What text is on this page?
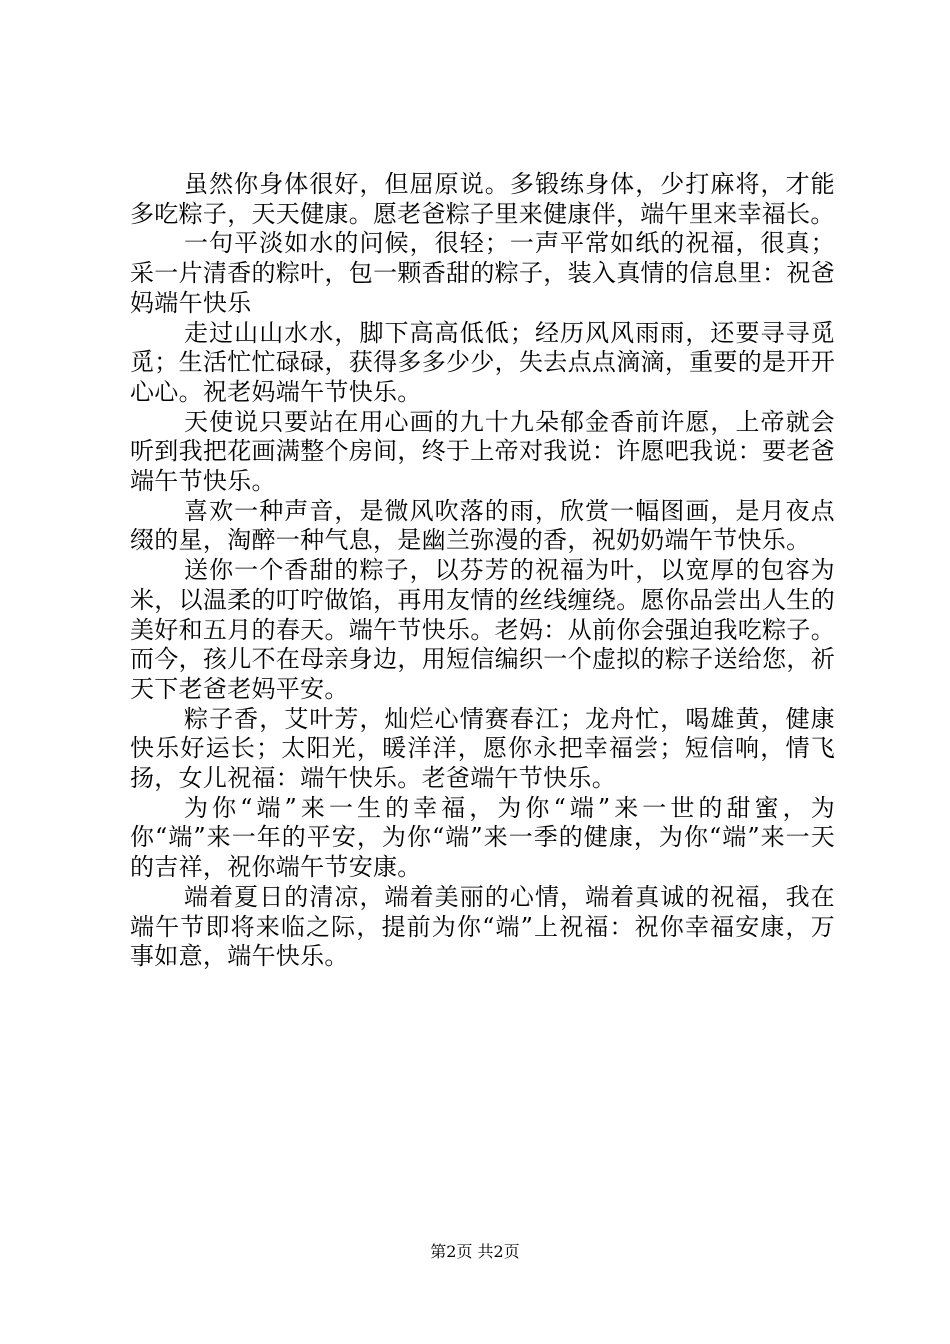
虽然你身体很好，但屈原说。多锻练身体，少打麻将，才能多吃粽子，天天健康。愿老爸粽子里来健康伴，端午里来幸福长。

一句平淡如水的问候，很轻；一声平常如纸的祝福，很真；采一片清香的粽叶，包一颗香甜的粽子，装入真情的信息里：祝爸妈端午快乐

走过山山水水，脚下高高低低；经历风风雨雨，还要寻寻觅觅；生活忙忙碌碌，获得多多少少，失去点点滴滴，重要的是开开心心。祝老妈端午节快乐。

天使说只要站在用心画的九十九朵郁金香前许愿，上帝就会听到我把花画满整个房间，终于上帝对我说：许愿吧我说：要老爸端午节快乐。

喜欢一种声音，是微风吹落的雨，欣赏一幅图画，是月夜点缀的星，淘醉一种气息，是幽兰弥漫的香，祝奶奶端午节快乐。

送你一个香甜的粽子，以芬芳的祝福为叶，以宽厚的包容为米，以温柔的叮咛做馅，再用友情的丝线缠绕。愿你品尝出人生的美好和五月的春天。端午节快乐。老妈：从前你会强迫我吃粽子。而今，孩儿不在母亲身边，用短信编织一个虚拟的粽子送给您，祈天下老爸老妈平安。

粽子香，艾叶芳，灿烂心情赛春江；龙舟忙，喝雄黄，健康快乐好运长；太阳光，暖洋洋，愿你永把幸福尝；短信响，情飞扬，女儿祝福：端午快乐。老爸端午节快乐。

为你“端”来一生的幸福，为你“端”来一世的甜蜜，为你“端”来一年的平安，为你“端”来一季的健康，为你“端”来一天的吉祥，祝你端午节安康。

端着夏日的清凉，端着美丽的心情，端着真诚的祝福，我在端午节即将来临之际，提前为你“端”上祝福：祝你幸福安康，万事如意，端午快乐。

第2页 共2页
